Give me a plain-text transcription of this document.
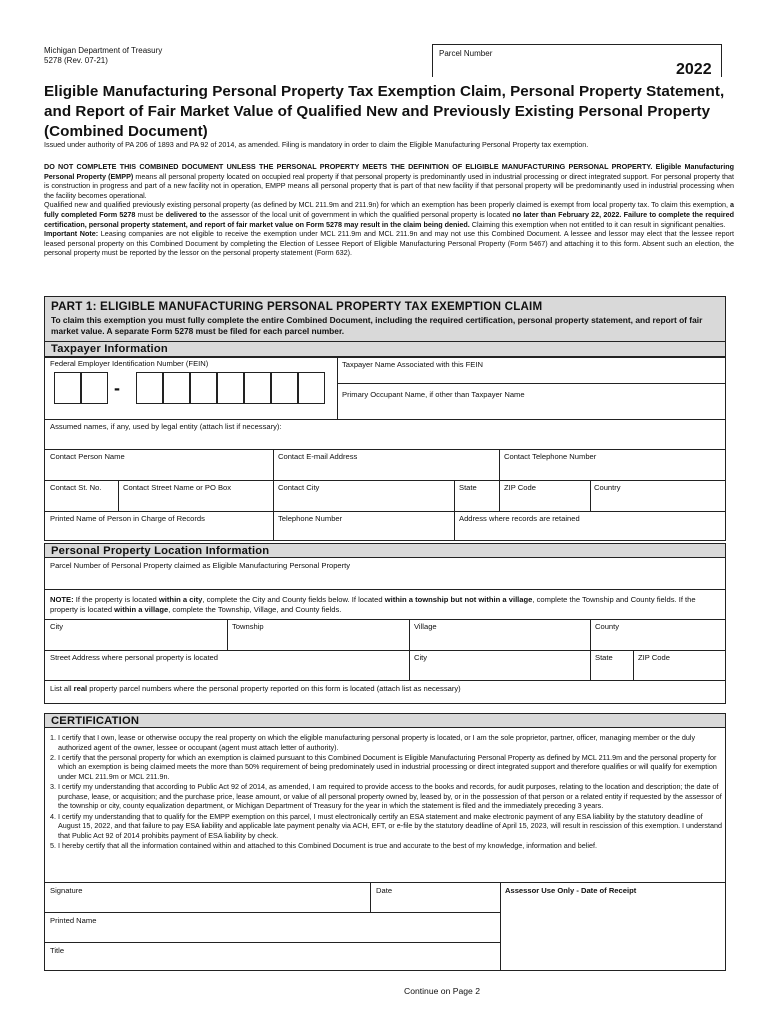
Michigan Department of Treasury
5278 (Rev. 07-21)
Parcel Number
2022
Eligible Manufacturing Personal Property Tax Exemption Claim, Personal Property Statement,
and Report of Fair Market Value of Qualified New and Previously Existing Personal Property
(Combined Document)
Issued under authority of PA 206 of 1893 and PA 92 of 2014, as amended. Filing is mandatory in order to claim the Eligible Manufacturing Personal Property tax exemption.

DO NOT COMPLETE THIS COMBINED DOCUMENT UNLESS THE PERSONAL PROPERTY MEETS THE DEFINITION OF ELIGIBLE MANUFACTURING PERSONAL PROPERTY. Eligible Manufacturing Personal Property (EMPP) means all personal property located on occupied real property if that personal property is predominantly used in industrial processing or direct integrated support. For personal property that is construction in progress and part of a new facility not in operation, EMPP means all personal property that is part of that new facility if that personal property will be predominantly used in industrial processing when the facility becomes operational.

Qualified new and qualified previously existing personal property (as defined by MCL 211.9m and 211.9n) for which an exemption has been properly claimed is exempt from local property tax. To claim this exemption, a fully completed Form 5278 must be delivered to the assessor of the local unit of government in which the qualified personal property is located no later than February 22, 2022. Failure to complete the required certification, personal property statement, and report of fair market value on Form 5278 may result in the claim being denied. Claiming this exemption when not entitled to it can result in significant penalties.

Important Note: Leasing companies are not eligible to receive the exemption under MCL 211.9m and MCL 211.9n and may not use this Combined Document. A lessee and lessor may elect that the lessee report leased personal property on this Combined Document by completing the Election of Lessee Report of Eligible Manufacturing Personal Property (Form 5467) and attaching it to this form. Absent such an election, the personal property must be reported by the lessor on the personal property statement (Form 632).

PART 1: ELIGIBLE MANUFACTURING PERSONAL PROPERTY TAX EXEMPTION CLAIM
To claim this exemption you must fully complete the entire Combined Document, including the required certification, personal property statement, and report of fair market value. A separate Form 5278 must be filed for each parcel number.
Taxpayer Information
Federal Employer Identification Number (FEIN)
-
Taxpayer Name Associated with this FEIN
Primary Occupant Name, if other than Taxpayer Name
Assumed names, if any, used by legal entity (attach list if necessary):
Contact Person Name	Contact E-mail Address	Contact Telephone Number
Contact St. No.	Contact Street Name or PO Box	Contact City	State	ZIP Code	Country
Printed Name of Person in Charge of Records	Telephone Number	Address where records are retained
Personal Property Location Information
Parcel Number of Personal Property claimed as Eligible Manufacturing Personal Property
NOTE: If the property is located within a city, complete the City and County fields below. If located within a township but not within a village, complete the Township and County fields. If the property is located within a village, complete the Township, Village, and County fields.
City	Township	Village	County
Street Address where personal property is located	City	State	ZIP Code
List all real property parcel numbers where the personal property reported on this form is located (attach list as necessary)
CERTIFICATION
1. I certify that I own, lease or otherwise occupy the real property on which the eligible manufacturing personal property is located, or I am the sole proprietor, partner, officer, managing member or the duly authorized agent of the owner, lessee or occupant (agent must attach letter of authority).
2. I certify that the personal property for which an exemption is claimed pursuant to this Combined Document is Eligible Manufacturing Personal Property as defined by MCL 211.9m and the personal property for which an exemption is being claimed meets the more than 50% requirement of being predominately used in industrial processing or direct integrated support and therefore qualifies or will qualify for exemption under MCL 211.9m or MCL 211.9n.
3. I certify my understanding that according to Public Act 92 of 2014, as amended, I am required to provide access to the books and records, for audit purposes, relating to the location and description; the date of purchase, lease, or acquisition; and the purchase price, lease amount, or value of all personal property owned by, leased by, or in the possession of that person or a related entity if requested by the assessor of the township or city, county equalization department, or Michigan Department of Treasury for the year in which the statement is filed and the immediately preceding 3 years.
4. I certify my understanding that to qualify for the EMPP exemption on this parcel, I must electronically certify an ESA statement and make electronic payment of any ESA liability by the statutory deadline of August 15, 2022, and that failure to pay ESA liability and applicable late payment penalty via ACH, EFT, or e-file by the statutory deadline of April 15, 2023, will result in rescission of this exemption. I understand that Public Act 92 of 2014 prohibits payment of ESA liability by check.
5. I hereby certify that all the information contained within and attached to this Combined Document is true and accurate to the best of my knowledge, information and belief.
Signature	Date	Assessor Use Only - Date of Receipt
Printed Name
Title
Continue on Page 2
